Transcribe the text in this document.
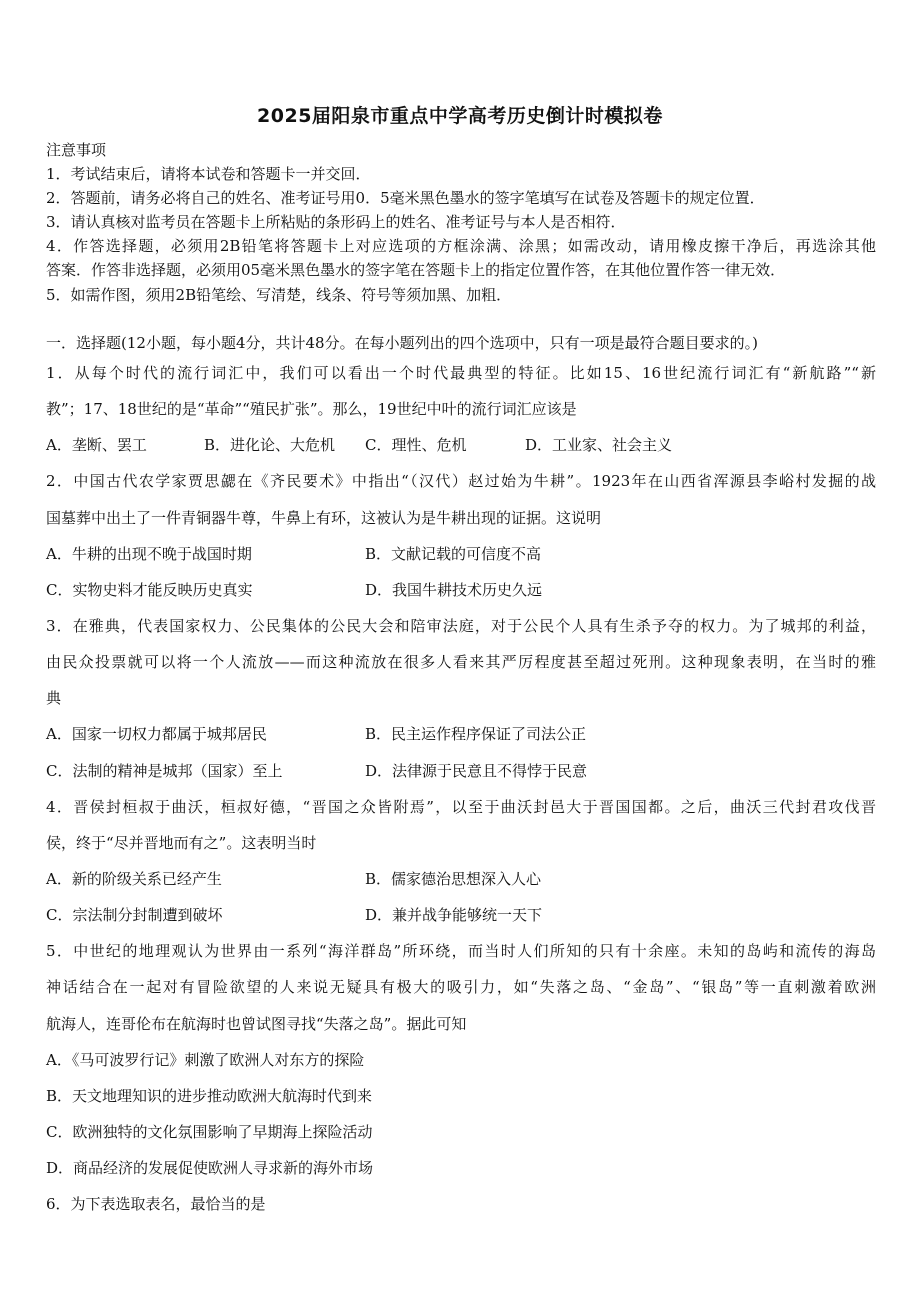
2025届阳泉市重点中学高考历史倒计时模拟卷
注意事项
1．考试结束后，请将本试卷和答题卡一并交回．
2．答题前，请务必将自己的姓名、准考证号用0．5毫米黑色墨水的签字笔填写在试卷及答题卡的规定位置．
3．请认真核对监考员在答题卡上所粘贴的条形码上的姓名、准考证号与本人是否相符．
4．作答选择题，必须用2B铅笔将答题卡上对应选项的方框涂满、涂黑；如需改动，请用橡皮擦干净后，再选涂其他
答案．作答非选择题，必须用05毫米黑色墨水的签字笔在答题卡上的指定位置作答，在其他位置作答一律无效．
5．如需作图，须用2B铅笔绘、写清楚，线条、符号等须加黑、加粗．
一．选择题(12小题，每小题4分，共计48分。在每小题列出的四个选项中，只有一项是最符合题目要求的。)
1．从每个时代的流行词汇中，我们可以看出一个时代最典型的特征。比如15、16世纪流行词汇有“新航路”“新
教”；17、18世纪的是“革命”“殖民扩张”。那么，19世纪中叶的流行词汇应该是
A．垄断、罢工	B．进化论、大危机 C．理性、危机	D．工业家、社会主义
2．中国古代农学家贾思勰在《齐民要术》中指出“（汉代）赵过始为牛耕”。1923年在山西省浑源县李峪村发掘的战
国墓葬中出土了一件青铜器牛尊，牛鼻上有环，这被认为是牛耕出现的证据。这说明
A．牛耕的出现不晚于战国时期	B．文献记载的可信度不高
C．实物史料才能反映历史真实	D．我国牛耕技术历史久远
3．在雅典，代表国家权力、公民集体的公民大会和陪审法庭，对于公民个人具有生杀予夺的权力。为了城邦的利益，
由民众投票就可以将一个人流放——而这种流放在很多人看来其严厉程度甚至超过死刑。这种现象表明，在当时的雅
典
A．国家一切权力都属于城邦居民	B．民主运作程序保证了司法公正
C．法制的精神是城邦（国家）至上	D．法律源于民意且不得悖于民意
4．晋侯封桓叔于曲沃，桓叔好德，“晋国之众皆附焉”，以至于曲沃封邑大于晋国国都。之后，曲沃三代封君攻伐晋
侯，终于“尽并晋地而有之”。这表明当时
A．新的阶级关系已经产生	B．儒家德治思想深入人心
C．宗法制分封制遭到破坏	D．兼并战争能够统一天下
5．中世纪的地理观认为世界由一系列“海洋群岛”所环绕，而当时人们所知的只有十余座。未知的岛屿和流传的海岛
神话结合在一起对有冒险欲望的人来说无疑具有极大的吸引力，如“失落之岛、“金岛”、“银岛”等一直刺激着欧洲
航海人，连哥伦布在航海时也曾试图寻找“失落之岛”。据此可知
A．《马可波罗行记》刺激了欧洲人对东方的探险
B．天文地理知识的进步推动欧洲大航海时代到来
C．欧洲独特的文化氛围影响了早期海上探险活动
D．商品经济的发展促使欧洲人寻求新的海外市场
6．为下表选取表名，最恰当的是
